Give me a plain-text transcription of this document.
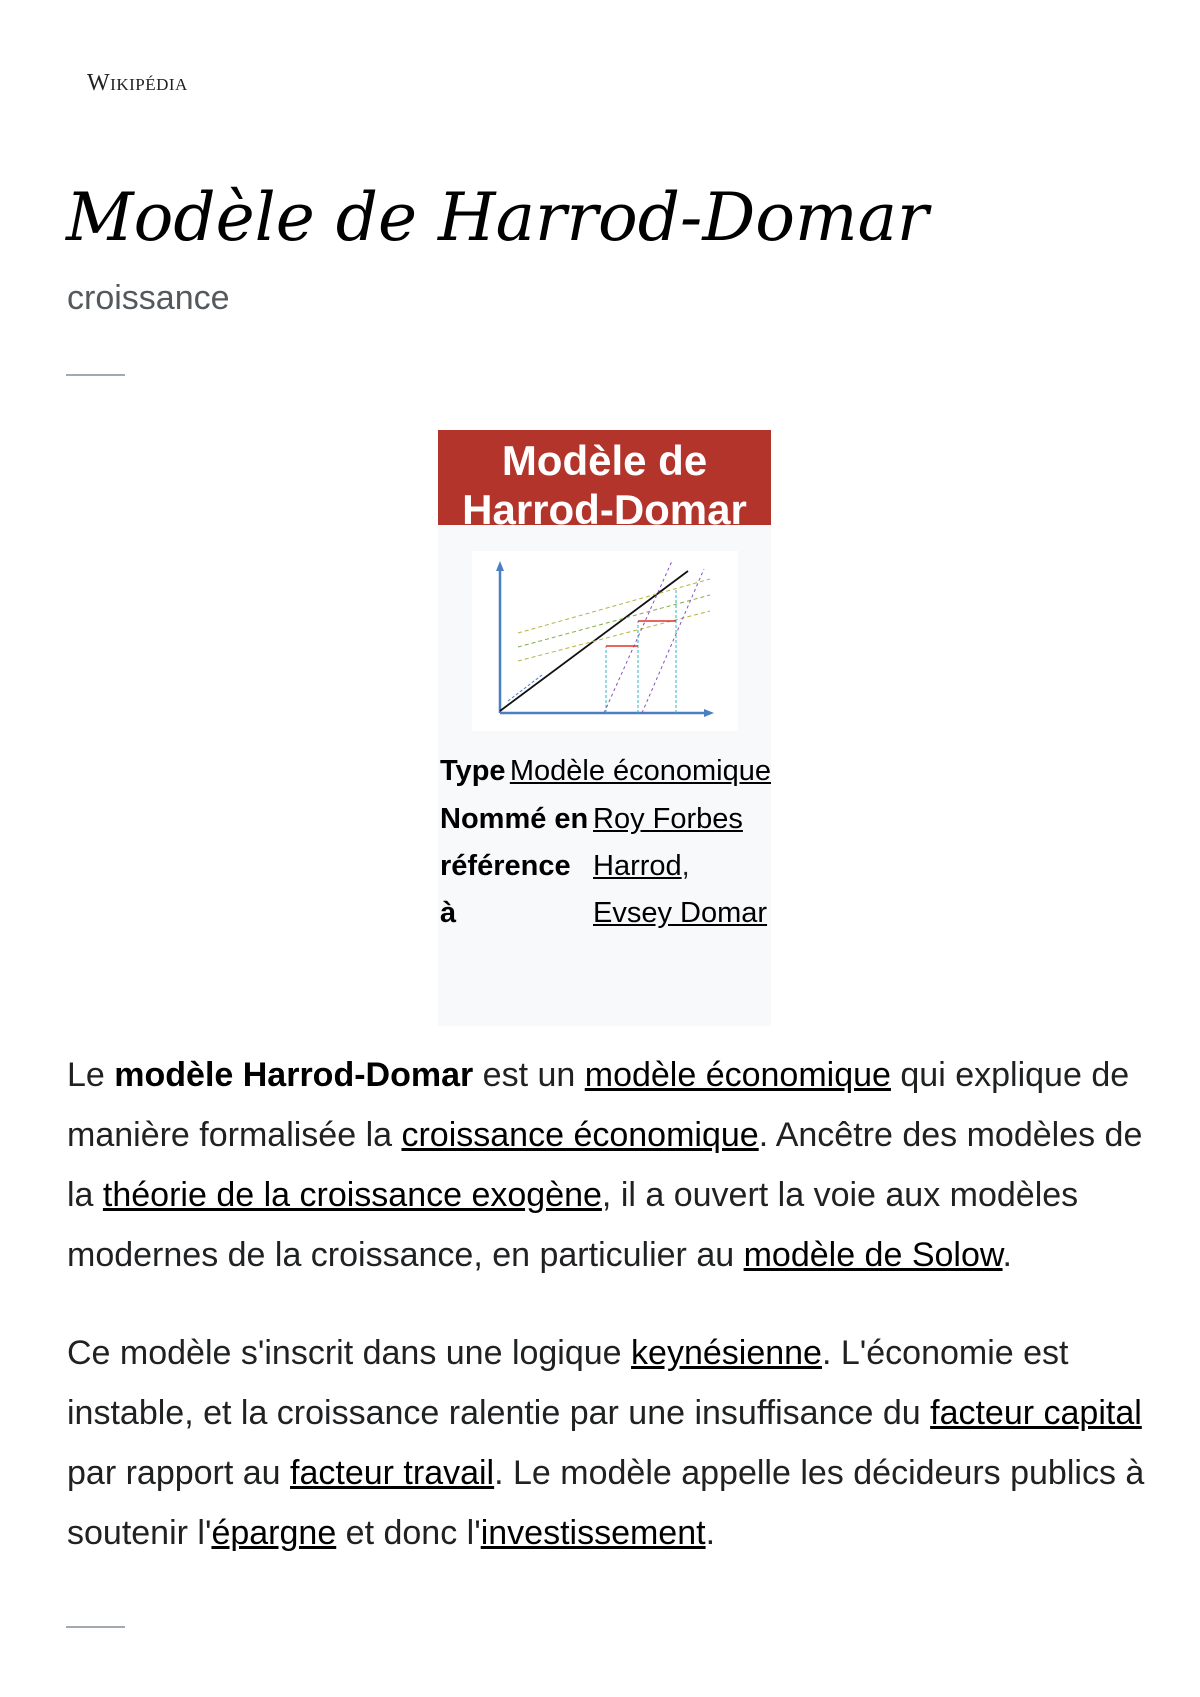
Wikipédia
Modèle de Harrod-Domar
croissance
Modèle de Harrod-Domar
Type Modèle économique
Nommé en référence à
Roy Forbes Harrod, Evsey Domar

Le modèle Harrod-Domar est un modèle économique qui explique de manière formalisée la croissance économique. Ancêtre des modèles de la théorie de la croissance exogène, il a ouvert la voie aux modèles modernes de la croissance, en particulier au modèle de Solow.

Ce modèle s'inscrit dans une logique keynésienne. L'économie est instable, et la croissance ralentie par une insuffisance du facteur capital par rapport au facteur travail. Le modèle appelle les décideurs publics à soutenir l'épargne et donc l'investissement.
